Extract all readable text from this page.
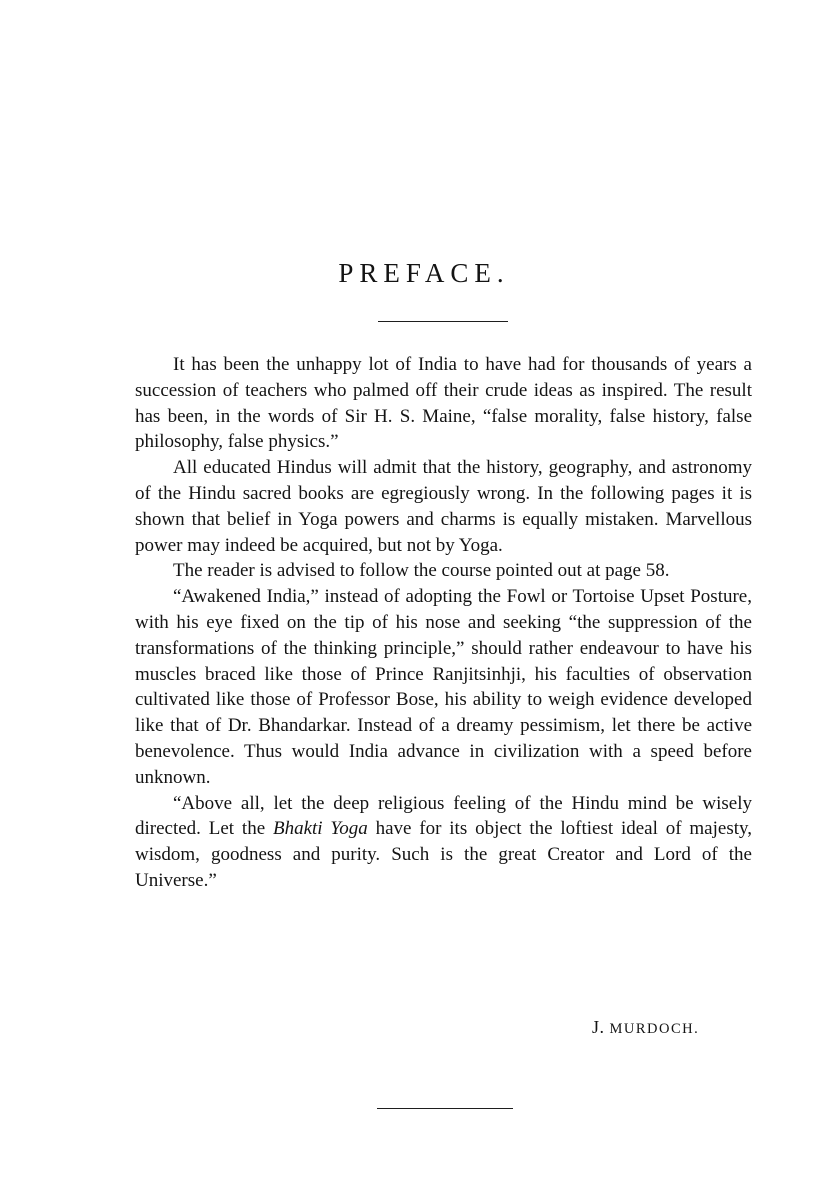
PREFACE.

It has been the unhappy lot of India to have had for thousands of years a succession of teachers who palmed off their crude ideas as inspired. The result has been, in the words of Sir H. S. Maine, “false morality, false history, false philosophy, false physics.”

All educated Hindus will admit that the history, geography, and astronomy of the Hindu sacred books are egregiously wrong. In the following pages it is shown that belief in Yoga powers and charms is equally mistaken. Marvellous power may indeed be acquired, but not by Yoga.

The reader is advised to follow the course pointed out at page 58.

“Awakened India,” instead of adopting the Fowl or Tortoise Upset Posture, with his eye fixed on the tip of his nose and seeking “the suppression of the transformations of the thinking principle,” should rather endeavour to have his muscles braced like those of Prince Ranjitsinhji, his faculties of observation cultivated like those of Professor Bose, his ability to weigh evidence developed like that of Dr. Bhandarkar. Instead of a dreamy pessimism, let there be active benevolence. Thus would India advance in civilization with a speed before unknown.

“Above all, let the deep religious feeling of the Hindu mind be wisely directed. Let the Bhakti Yoga have for its object the loftiest ideal of majesty, wisdom, goodness and purity. Such is the great Creator and Lord of the Universe.”

J. MURDOCH.
